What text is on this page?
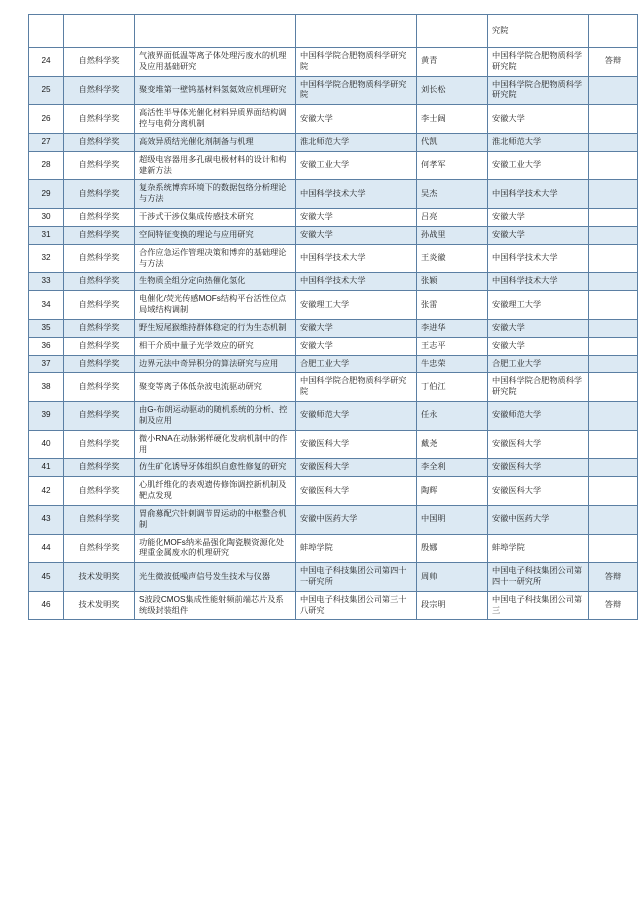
					究院	
24	自然科学奖	气液界面低温等离子体处理污废水的机理及应用基础研究	中国科学院合肥物质科学研究院	黄青	中国科学院合肥物质科学研究院	答辩
25	自然科学奖	聚变堆第一壁钨基材料氢氦效应机理研究	中国科学院合肥物质科学研究院	刘长松	中国科学院合肥物质科学研究院	
26	自然科学奖	高活性半导体光催化材料异质界面结构调控与电荷分离机制	安徽大学	李士阔	安徽大学	
27	自然科学奖	高效异质结光催化剂制备与机理	淮北师范大学	代凯	淮北师范大学	
28	自然科学奖	超级电容器用多孔碳电极材料的设计和构建新方法	安徽工业大学	何孝军	安徽工业大学	
29	自然科学奖	复杂系统博弈环境下的数据包络分析理论与方法	中国科学技术大学	吴杰	中国科学技术大学	
30	自然科学奖	干涉式干涉仪集成传感技术研究	安徽大学	吕亮	安徽大学	
31	自然科学奖	空间特征变换的理论与应用研究	安徽大学	孙战里	安徽大学	
32	自然科学奖	合作应急运作管理决策和博弈的基础理论与方法	中国科学技术大学	王炎徽	中国科学技术大学	
33	自然科学奖	生物质全组分定向热催化氢化	中国科学技术大学	张颖	中国科学技术大学	
34	自然科学奖	电催化/荧光传感MOFs结构平台活性位点局域结构调制	安徽理工大学	张雷	安徽理工大学	
35	自然科学奖	野生短尾猴维持群体稳定的行为生态机制	安徽大学	李进华	安徽大学	
36	自然科学奖	相干介质中量子光学效应的研究	安徽大学	王志平	安徽大学	
37	自然科学奖	边界元法中奇异积分的算法研究与应用	合肥工业大学	牛忠荣	合肥工业大学	
38	自然科学奖	聚变等离子体低杂波电流驱动研究	中国科学院合肥物质科学研究院	丁伯江	中国科学院合肥物质科学研究院	
39	自然科学奖	由G-布朗运动驱动的随机系统的分析、控制及应用	安徽师范大学	任永	安徽师范大学	
40	自然科学奖	微小RNA在动脉粥样硬化发病机制中的作用	安徽医科大学	戴尧	安徽医科大学	
41	自然科学奖	仿生矿化诱导牙体组织自愈性修复的研究	安徽医科大学	李全利	安徽医科大学	
42	自然科学奖	心肌纤维化的表观遗传修饰调控新机制及靶点发现	安徽医科大学	陶辉	安徽医科大学	
43	自然科学奖	胃俞募配穴针刺调节胃运动的中枢整合机制	安徽中医药大学	中国明	安徽中医药大学	
44	自然科学奖	功能化MOFs纳米晶强化陶瓷膜资源化处理重金属废水的机理研究	蚌埠学院	殷娜	蚌埠学院	
45	技术发明奖	光生微波低噪声信号发生技术与仪器	中国电子科技集团公司第四十一研究所	周帅	中国电子科技集团公司第四十一研究所	答辩
46	技术发明奖	S波段CMOS集成性能射频前端芯片及系统级封装组件	中国电子科技集团公司第三十八研究	段宗明	中国电子科技集团公司第三	答辩
